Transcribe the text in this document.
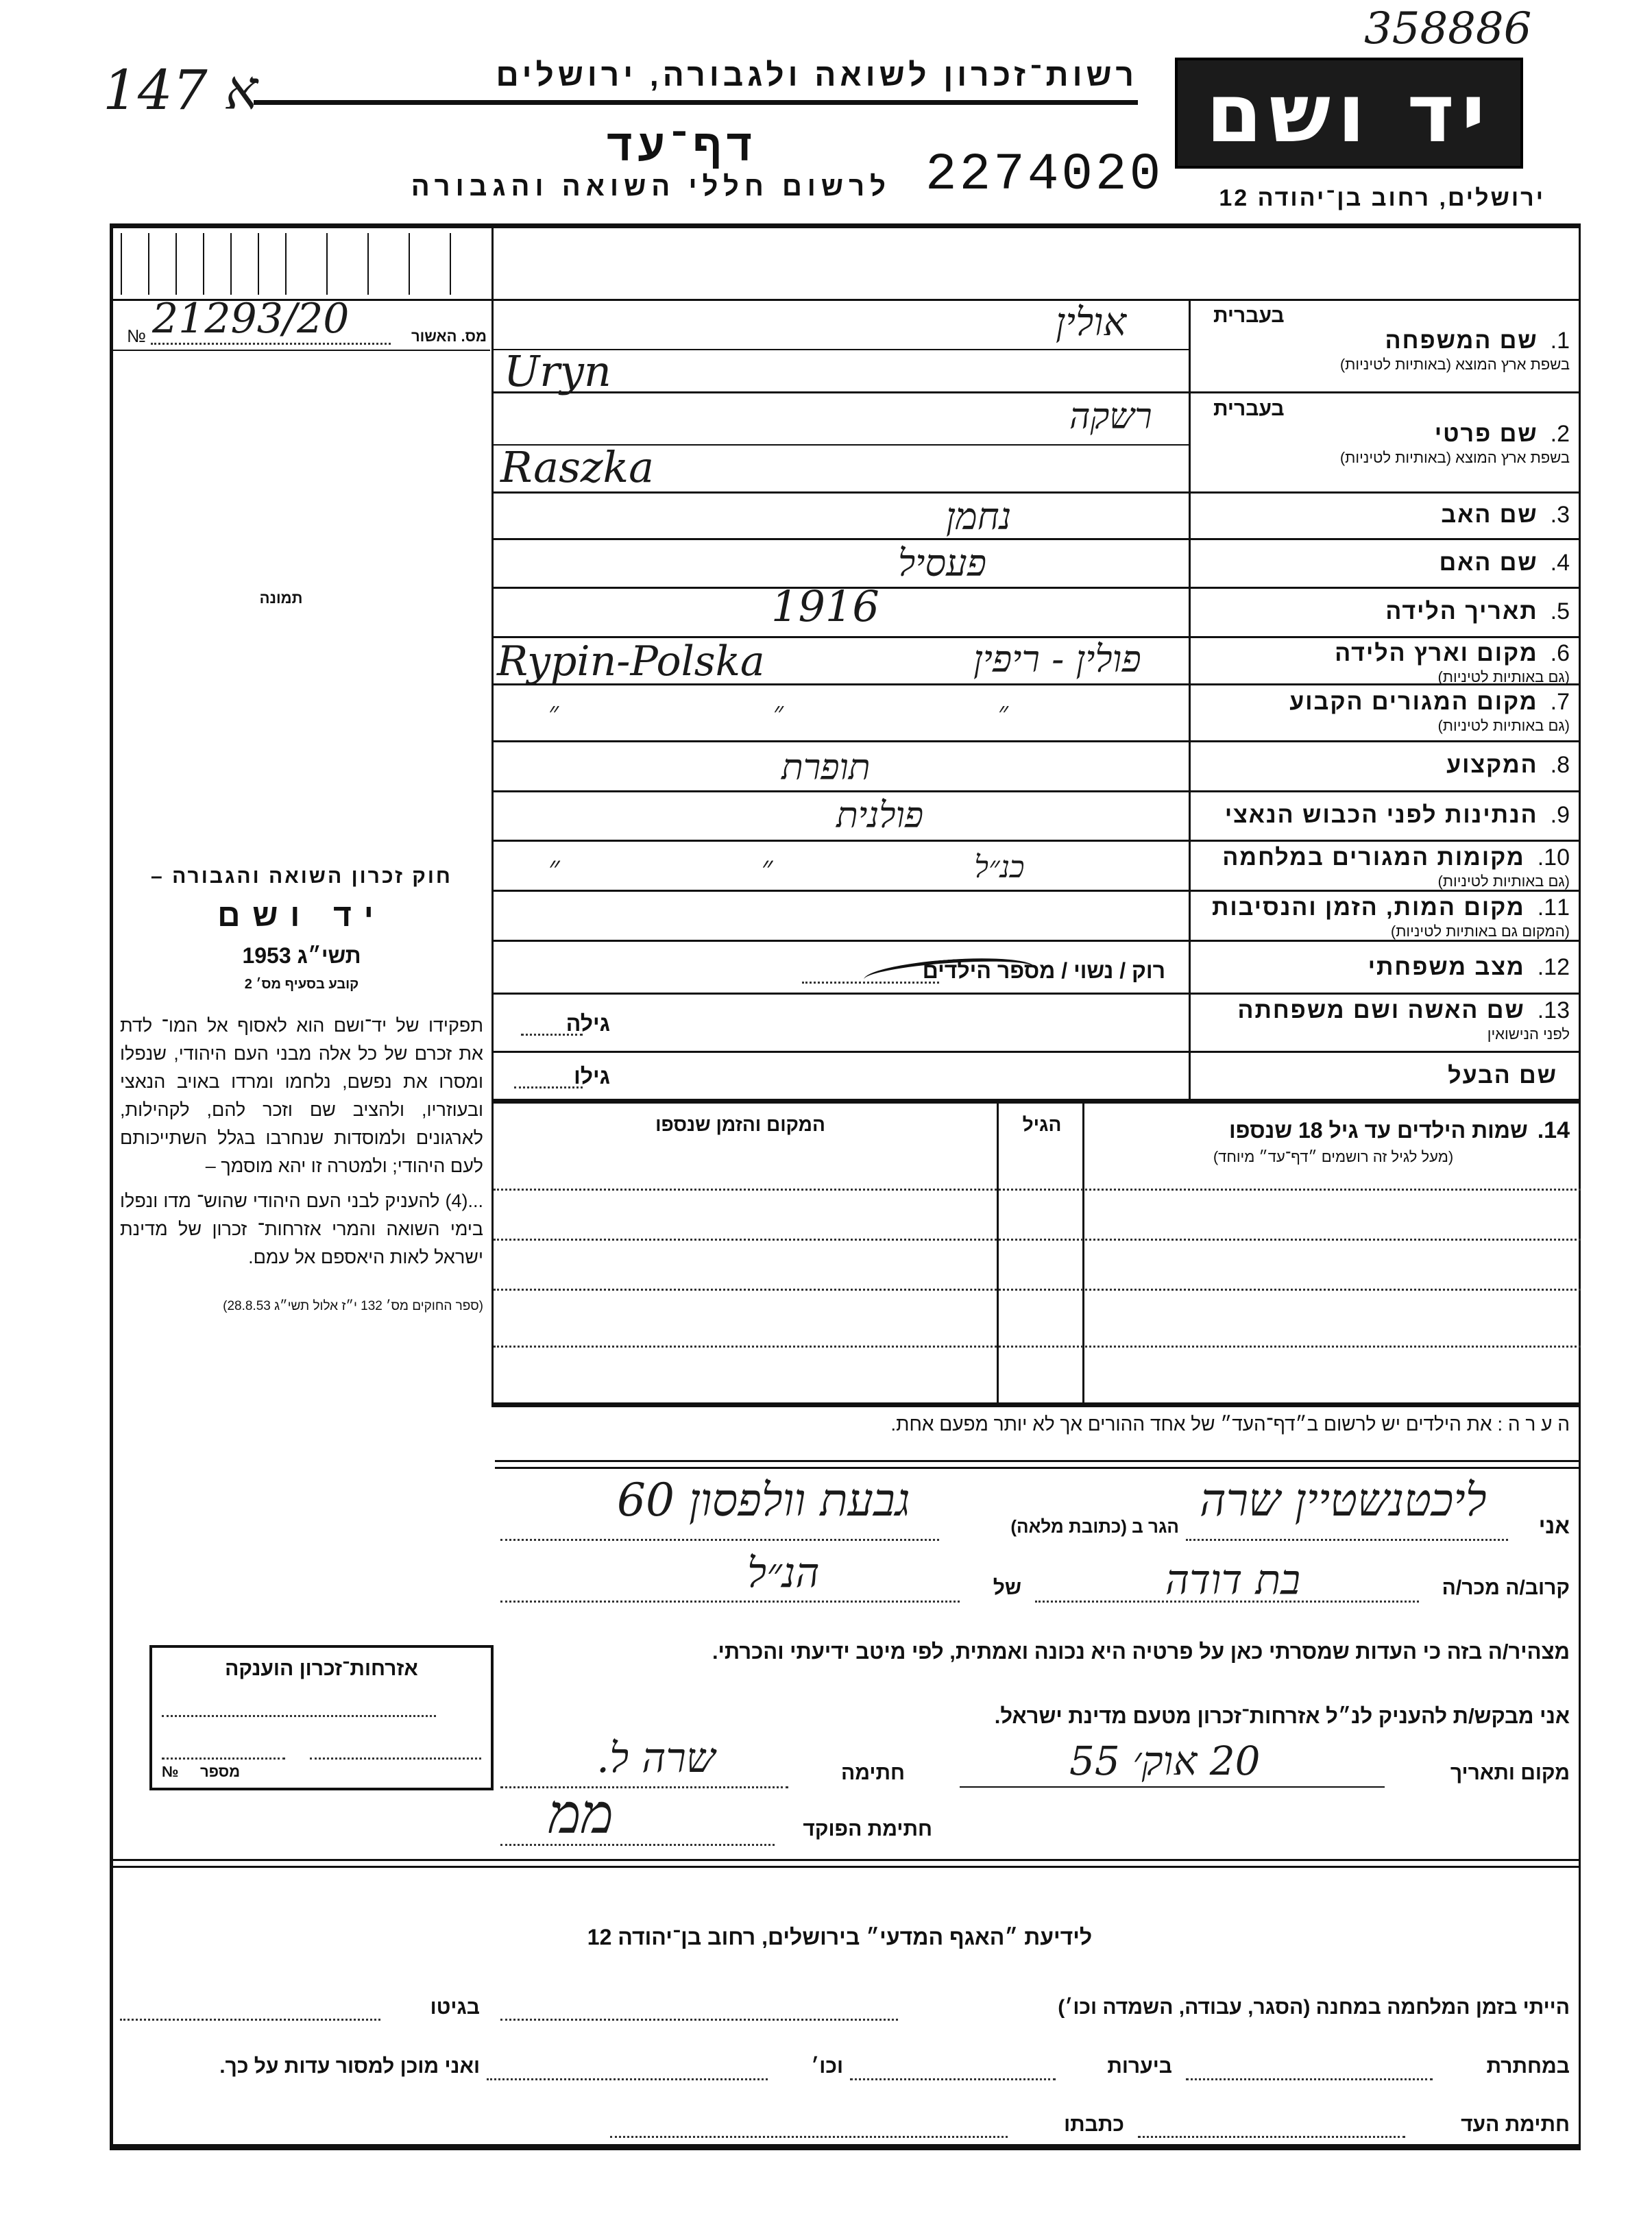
358886
147 א	רשות־זכרון לשואה ולגבורה, ירושלים
דף־עד
לרשום חללי השואה והגבורה 2274020
יד ושם
ירושלים, רחוב בן־יהודה 12
№ 21293/20	מס. האשור
תמונה

חוק זכרון השואה והגבורה –

יד ושם

תשי״ג 1953

קובע בסעיף מס׳ 2

תפקידו של יד־ושם הוא לאסוף אל המו־ לדת את זכרם של כל אלה מבני העם היהודי, שנפלו ומסרו את נפשם, נלחמו ומרדו באויב הנאצי ובעוזריו, ולהציב שם וזכר להם, לקהילות, לארגונים ולמוסדות שנחרבו בגלל השתייכותם לעם היהודי; ולמטרה זו יהא מוסמך –

...(4) להעניק לבני העם היהודי שהוש־ מדו ונפלו בימי השואה והמרי אזרחות־ זכרון של מדינת ישראל לאות היאספם אל עמם.

(ספר החוקים מס׳ 132 י״ז אלול תשי״ג 28.8.53)

אזרחות־זכרון הוענקה
№ מספר
בעברית
1.שם המשפחה
בשפת ארץ המוצא (באותיות לטיניות)
בעברית
2.שם פרטי
בשפת ארץ המוצא (באותיות לטיניות)
3.שם האב
4.שם האם
5.תאריך הלידה
6.מקום וארץ הלידה
(גם באותיות לטיניות)
7.מקום המגורים הקבוע
(גם באותיות לטיניות)
8.המקצוע
9.הנתינות לפני הכבוש הנאצי
10.מקומות המגורים במלחמה
(גם באותיות לטיניות)
11.מקום המות, הזמן והנסיבות
(המקום גם באותיות לטיניות)
12.מצב משפחתי
13.שם האשה ושם משפחתה
לפני הנישואין
שם הבעל
אולין
Uryn
רשקה
Raszka
נחמן
פעסיל
1916
פולין - ריפין
Rypin-Polska
״ ״ ״
תופרת
פולנית
כנ״ל ״ ״
רוק / נשוי / מספר הילדים
גילה
גילו
14.שמות הילדים עד גיל 18 שנספו
(מעל לגיל זה רושמים ״דף־עד״ מיוחד)
הגיל
המקום והזמן שנספו
ה ע ר ה : את הילדים יש לרשום ב״דף־העד״ של אחד ההורים אך לא יותר מפעם אחת.
אני
ליכטנשטיין שרה
הגר ב (כתובת מלאה)
גבעת וולפסון 60
קרוב/ה מכר/ה
בת דודה
של
הנ״ל
מצהיר/ה בזה כי העדות שמסרתי כאן על פרטיה היא נכונה ואמתית, לפי מיטב ידיעתי והכרתי.
אני מבקש/ת להעניק לנ״ל אזרחות־זכרון מטעם מדינת ישראל.
מקום ותאריך
20 אוק׳ 55
חתימה
שרה ל.
חתימת הפוקד
ממ
לידיעת ״האגף המדעי״ בירושלים, רחוב בן־יהודה 12
הייתי בזמן המלחמה במחנה (הסגר, עבודה, השמדה וכו׳)
בגיטו
במחתרת
ביערות
וכו׳
ואני מוכן למסור עדות על כך.
חתימת העד
כתבתו
